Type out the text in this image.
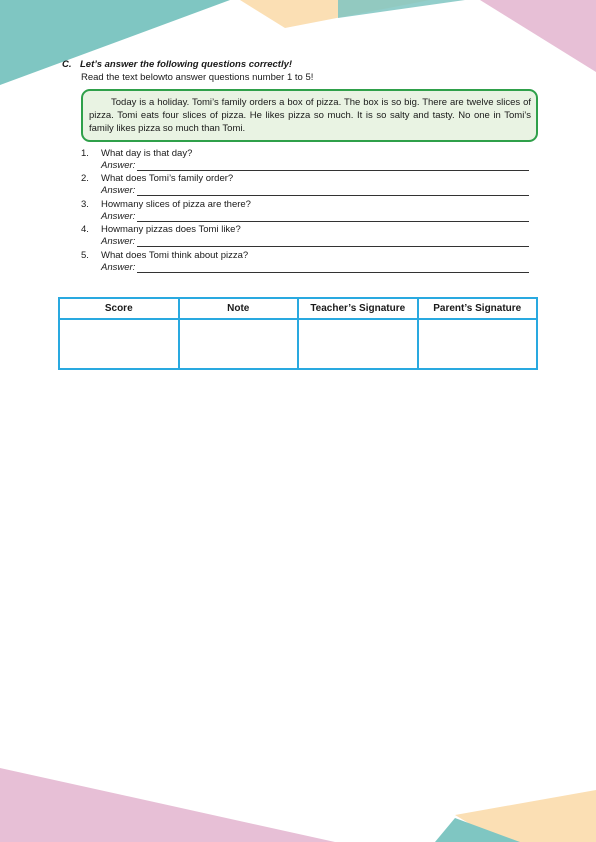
C. Let’s answer the following questions correctly!
Read the text belowto answer questions number 1 to 5!
Today is a holiday. Tomi’s family orders a box of pizza. The box is so big. There are twelve slices of pizza. Tomi eats four slices of pizza. He likes pizza so much. It is so salty and tasty. No one in Tomi’s family likes pizza so much than Tomi.
1. What day is that day?
Answer:
2. What does Tomi’s family order?
Answer:
3. Howmany slices of pizza are there?
Answer:
4. Howmany pizzas does Tomi like?
Answer:
5. What does Tomi think about pizza?
Answer:
Score	Note	Teacher’s Signature	Parent’s Signature
